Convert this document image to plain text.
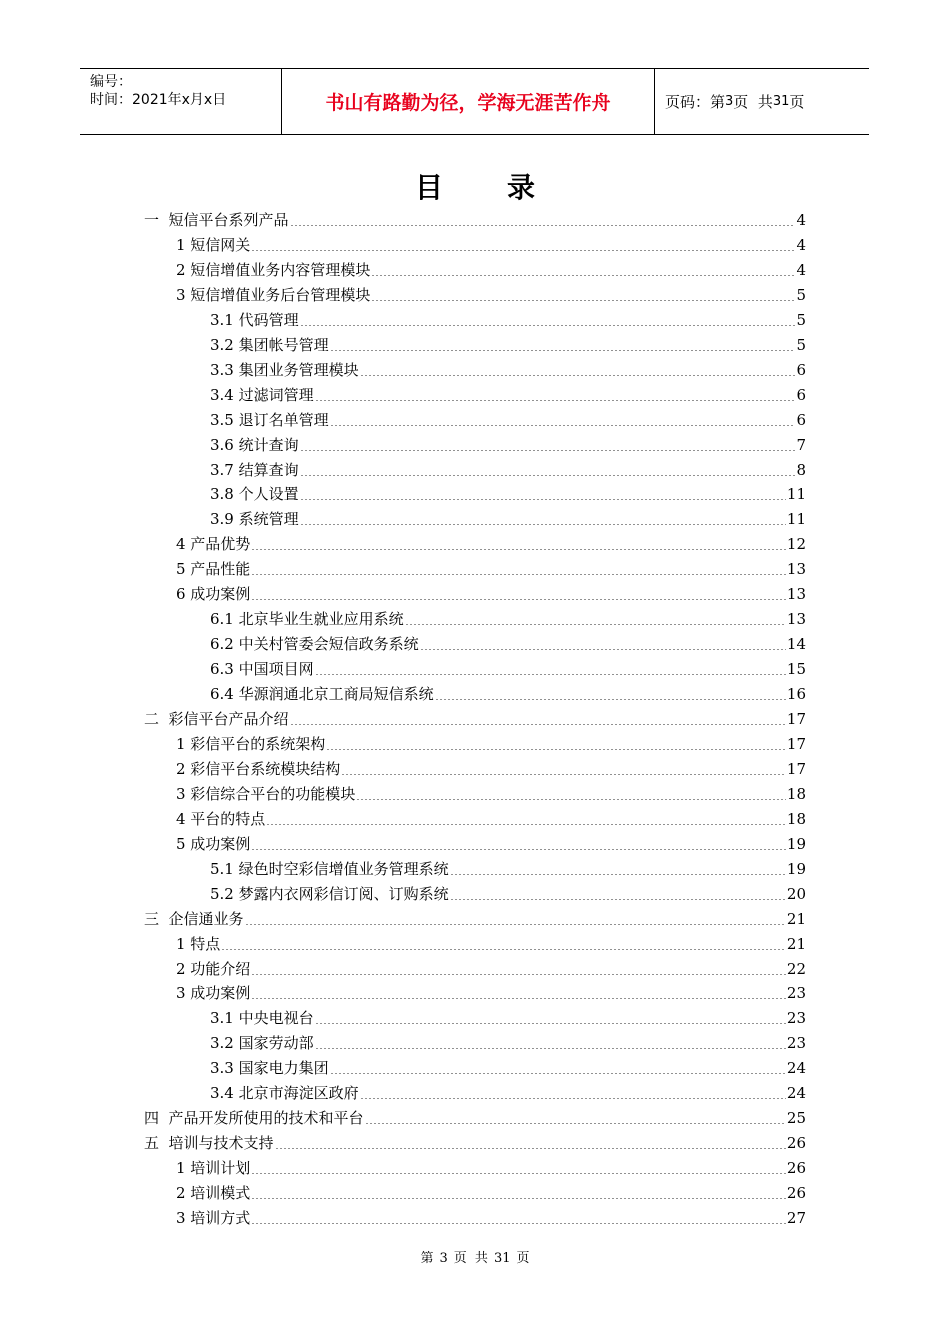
编号：
时间：2021年x月x日	书山有路勤为径，学海无涯苦作舟	页码：第 3 页  共 31 页
目录
一  短信平台系列产品	4
1 短信网关	4
2 短信增值业务内容管理模块	4
3 短信增值业务后台管理模块	5
3.1 代码管理	5
3.2 集团帐号管理	5
3.3 集团业务管理模块	6
3.4 过滤词管理	6
3.5 退订名单管理	6
3.6 统计查询	7
3.7 结算查询	8
3.8 个人设置	11
3.9 系统管理	11
4 产品优势	12
5 产品性能	13
6 成功案例	13
6.1 北京毕业生就业应用系统	13
6.2 中关村管委会短信政务系统	14
6.3 中国项目网	15
6.4 华源润通北京工商局短信系统	16
二  彩信平台产品介绍	17
1 彩信平台的系统架构	17
2 彩信平台系统模块结构	17
3 彩信综合平台的功能模块	18
4 平台的特点	18
5 成功案例	19
5.1 绿色时空彩信增值业务管理系统	19
5.2 梦露内衣网彩信订阅、订购系统	20
三  企信通业务	21
1 特点	21
2 功能介绍	22
3 成功案例	23
3.1 中央电视台	23
3.2 国家劳动部	23
3.3 国家电力集团	24
3.4 北京市海淀区政府	24
四  产品开发所使用的技术和平台	25
五  培训与技术支持	26
1 培训计划	26
2 培训模式	26
3 培训方式	27
第 3 页 共 31 页
